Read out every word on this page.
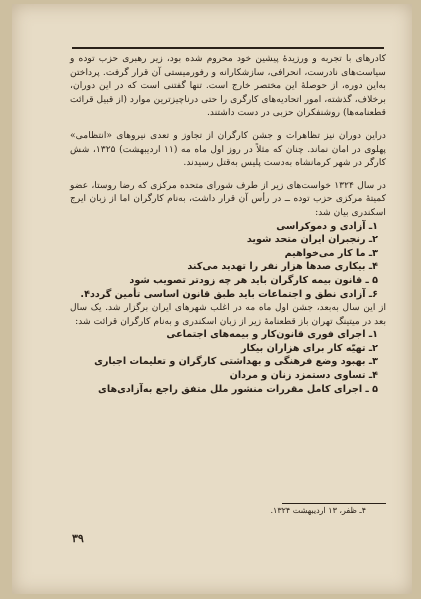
کادرهای با تجربه و ورزیدهٔ پیشین خود محروم شده بود، زیر رهبری حزب توده و سیاست‌های نادرست، انحرافی، سازشکارانه و رفورمیستی آن قرار گرفت. پرداختن به‌این دوره، از حوصلهٔ این مختصر خارج است. تنها گفتنی است که در این دوران، برخلاف، گذشته، امور اتحادیه‌های کارگری را حتی درناچیزترین موارد (از قبیل قرائت قطعنامه‌ها) روشنفکران حزبی در دست داشتند.

دراین دوران نیز تظاهرات و جشن کارگران از تجاوز و تعدی نیروهای «انتظامی» پهلوی در امان نماند. چنان که مثلاً در روز اول ماه مه (۱۱ اردیبهشت) ۱۳۲۵، شش کارگر در شهر کرمانشاه به‌دست پلیس به‌قتل رسیدند.

در سال ۱۳۲۴ خواست‌های زیر از طرف شورای متحده مرکزی که رضا روستا، عضو کمیتهٔ مرکزی حزب توده ــ در رأس آن قرار داشت، به‌نام کارگران اما از زبان ایرج اسکندری بیان شد:

۱ـ آزادی و دموکراسی

۲ـ رنجبران ایران متحد شوید

۳ـ ما کار می‌خواهیم

۴ـ بیکاری صدها هزار نفر را تهدید می‌کند

۵ ـ قانون بیمه کارگران باید هر چه زودتر تصویب شود

۶ـ آزادی نطق و اجتماعات باید طبق قانون اساسی تأمین گردد۴.

از این سال به‌بعد، جشن اول ماه مه در اغلب شهرهای ایران برگزار شد. یک سال بعد در میتینگ تهران باز قطعنامهٔ زیر از زبان اسکندری و به‌نام کارگران قرائت شد:

۱ـ اجرای فوری قانون‌کار و بیمه‌های اجتماعی

۲ـ تهیّه کار برای هزاران بیکار

۳ـ بهبود وضع فرهنگی و بهداشتی کارگران و تعلیمات اجباری

۴ـ تساوی دستمزد زنان و مردان

۵ ـ اجرای کامل مقررات منشور ملل متفق راجع به‌آزادی‌های

۴ـ ظفر، ۱۳ اردیبهشت ۱۳۲۴.
۳۹
